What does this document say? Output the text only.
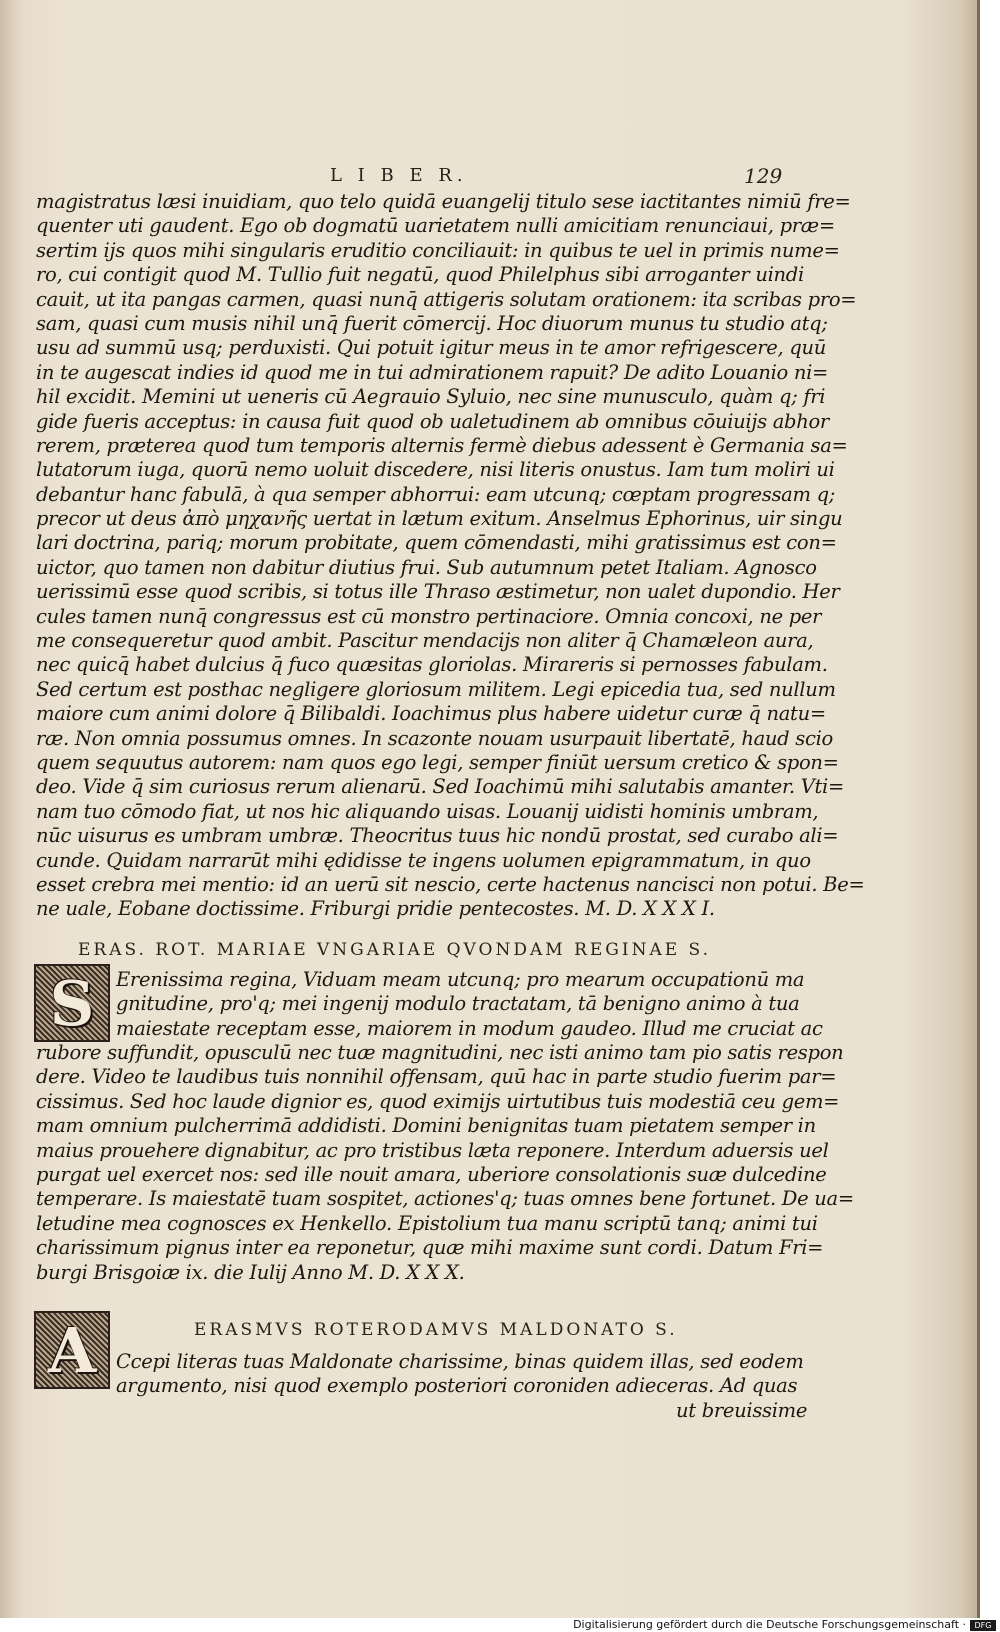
L I B E R.	129
magistratus læsi inuidiam, quo telo quidā euangelij titulo sese iactitantes nimiū fre=
quenter uti gaudent. Ego ob dogmatū uarietatem nulli amicitiam renunciaui, præ=
sertim ijs quos mihi singularis eruditio conciliauit: in quibus te uel in primis nume=
ro, cui contigit quod M. Tullio fuit negatū, quod Philelphus sibi arroganter uindi
cauit, ut ita pangas carmen, quasi nunq̄ attigeris solutam orationem: ita scribas pro=
sam, quasi cum musis nihil unq̄ fuerit cōmercij. Hoc diuorum munus tu studio atq;
usu ad summū usq; perduxisti. Qui potuit igitur meus in te amor refrigescere, quū
in te augescat indies id quod me in tui admirationem rapuit? De adito Louanio ni=
hil excidit. Memini ut ueneris cū Aegrauio Syluio, nec sine munusculo, quàm q; fri
gide fueris acceptus: in causa fuit quod ob ualetudinem ab omnibus cōuiuijs abhor
rerem, præterea quod tum temporis alternis fermè diebus adessent è Germania sa=
lutatorum iuga, quorū nemo uoluit discedere, nisi literis onustus. Iam tum moliri ui
debantur hanc fabulā, à qua semper abhorrui: eam utcunq; cœptam progressam q;
precor ut deus ἀπὸ μηχανῆς uertat in lætum exitum. Anselmus Ephorinus, uir singu
lari doctrina, pariq; morum probitate, quem cōmendasti, mihi gratissimus est con=
uictor, quo tamen non dabitur diutius frui. Sub autumnum petet Italiam. Agnosco
uerissimū esse quod scribis, si totus ille Thraso æstimetur, non ualet dupondio. Her
cules tamen nunq̄ congressus est cū monstro pertinaciore. Omnia concoxi, ne per
me consequeretur quod ambit. Pascitur mendacijs non aliter q̄ Chamæleon aura,
nec quicq̄ habet dulcius q̄ fuco quæsitas gloriolas. Mirareris si pernosses fabulam.
Sed certum est posthac negligere gloriosum militem. Legi epicedia tua, sed nullum
maiore cum animi dolore q̄ Bilibaldi. Ioachimus plus habere uidetur curæ q̄ natu=
ræ. Non omnia possumus omnes. In scazonte nouam usurpauit libertatē, haud scio
quem sequutus autorem: nam quos ego legi, semper finiūt uersum cretico & spon=
deo. Vide q̄ sim curiosus rerum alienarū. Sed Ioachimū mihi salutabis amanter. Vti=
nam tuo cōmodo fiat, ut nos hic aliquando uisas. Louanij uidisti hominis umbram,
nūc uisurus es umbram umbræ. Theocritus tuus hic nondū prostat, sed curabo ali=
cunde. Quidam narrarūt mihi ędidisse te ingens uolumen epigrammatum, in quo
esset crebra mei mentio: id an uerū sit nescio, certe hactenus nancisci non potui. Be=
ne uale, Eobane doctissime. Friburgi pridie pentecostes. M. D. X X X I.
ERAS. ROT. MARIAE VNGARIAE QVONDAM REGINAE S.
S Erenissima regina, Viduam meam utcunq; pro mearum occupationū ma
gnitudine, pro'q; mei ingenij modulo tractatam, tā benigno animo à tua
maiestate receptam esse, maiorem in modum gaudeo. Illud me cruciat ac
rubore suffundit, opusculū nec tuæ magnitudini, nec isti animo tam pio satis respon
dere. Video te laudibus tuis nonnihil offensam, quū hac in parte studio fuerim par=
cissimus. Sed hoc laude dignior es, quod eximijs uirtutibus tuis modestiā ceu gem=
mam omnium pulcherrimā addidisti. Domini benignitas tuam pietatem semper in
maius prouehere dignabitur, ac pro tristibus læta reponere. Interdum aduersis uel
purgat uel exercet nos: sed ille nouit amara, uberiore consolationis suæ dulcedine
temperare. Is maiestatē tuam sospitet, actiones'q; tuas omnes bene fortunet. De ua=
letudine mea cognosces ex Henkello. Epistolium tua manu scriptū tanq; animi tui
charissimum pignus inter ea reponetur, quæ mihi maxime sunt cordi. Datum Fri=
burgi Brisgoiæ ix. die Iulij Anno M. D. X X X.
A	ERASMVS ROTERODAMVS MALDONATO S.
Ccepi literas tuas Maldonate charissime, binas quidem illas, sed eodem
argumento, nisi quod exemplo posteriori coroniden adieceras. Ad quas
ut breuissime
Digitalisierung gefördert durch die Deutsche Forschungsgemeinschaft ·	DFG
